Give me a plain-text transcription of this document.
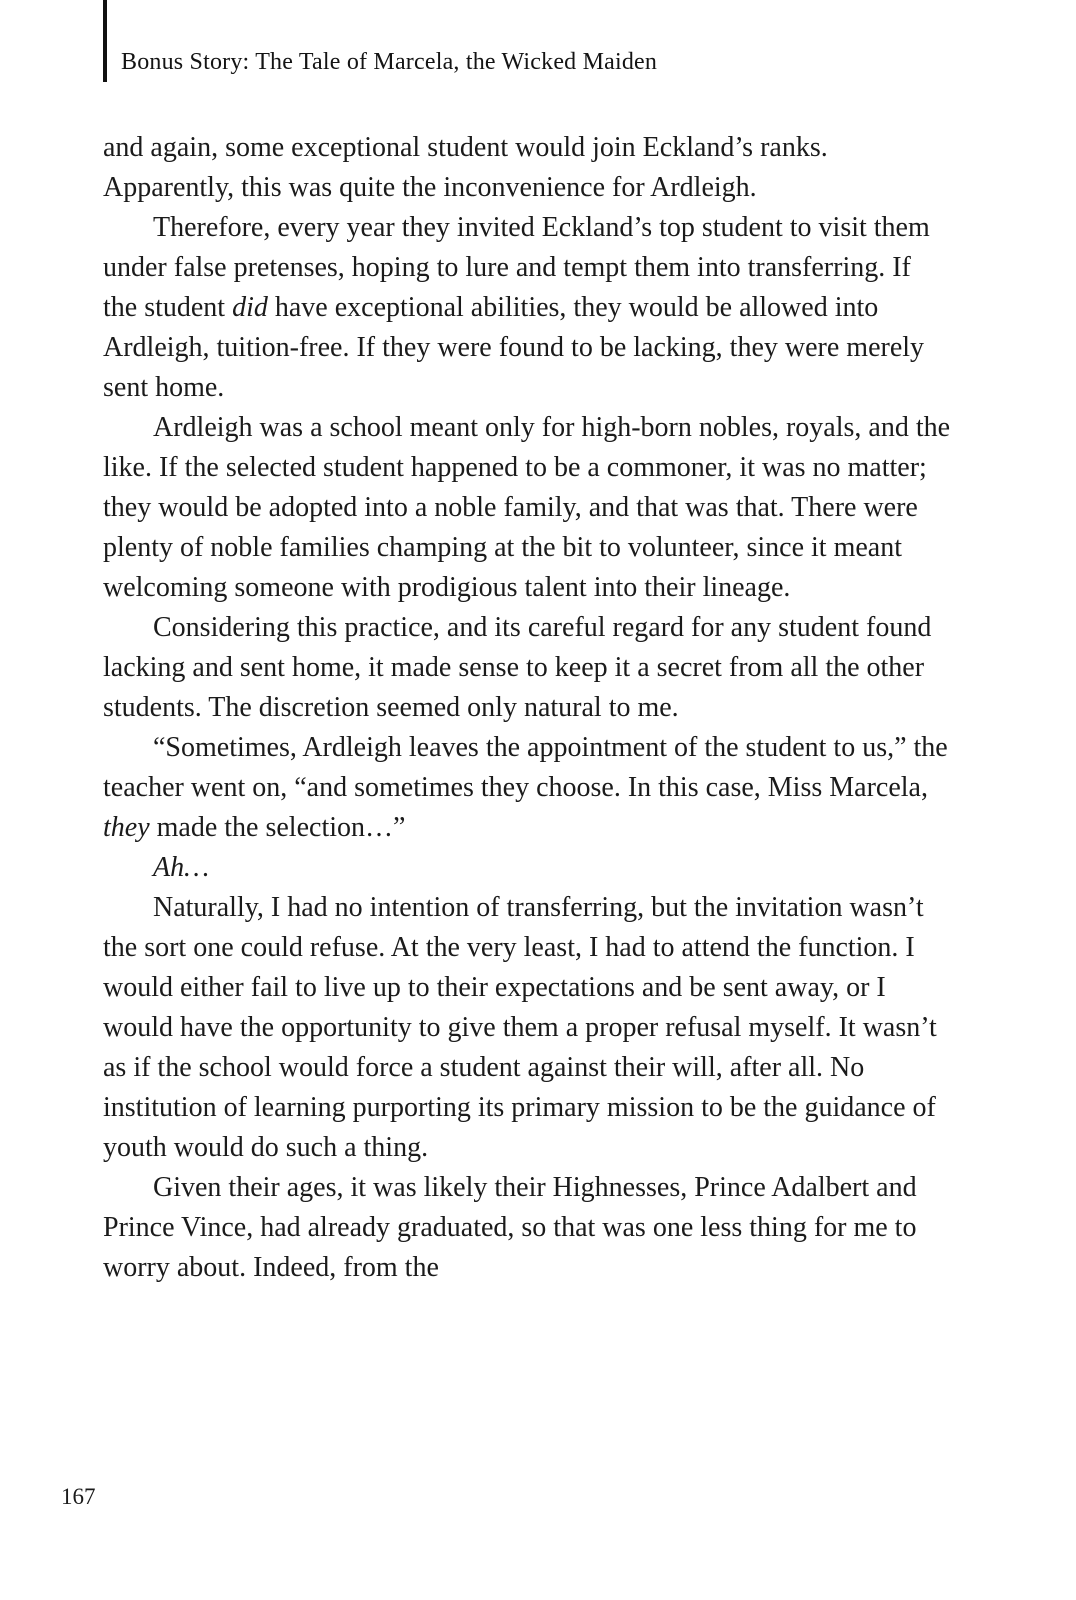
Bonus Story: The Tale of Marcela, the Wicked Maiden

and again, some exceptional student would join Eckland’s ranks. Apparently, this was quite the inconvenience for Ardleigh.

Therefore, every year they invited Eckland’s top student to visit them under false pretenses, hoping to lure and tempt them into transferring. If the student did have exceptional abilities, they would be allowed into Ardleigh, tuition-free. If they were found to be lacking, they were merely sent home.

Ardleigh was a school meant only for high-born nobles, royals, and the like. If the selected student happened to be a commoner, it was no matter; they would be adopted into a noble family, and that was that. There were plenty of noble families champing at the bit to volunteer, since it meant welcoming someone with prodigious talent into their lineage.

Considering this practice, and its careful regard for any student found lacking and sent home, it made sense to keep it a secret from all the other students. The discretion seemed only natural to me.

“Sometimes, Ardleigh leaves the appointment of the student to us,” the teacher went on, “and sometimes they choose. In this case, Miss Marcela, they made the selection…”

Ah…

Naturally, I had no intention of transferring, but the invitation wasn’t the sort one could refuse. At the very least, I had to attend the function. I would either fail to live up to their expectations and be sent away, or I would have the opportunity to give them a proper refusal myself. It wasn’t as if the school would force a student against their will, after all. No institution of learning purporting its primary mission to be the guidance of youth would do such a thing.

Given their ages, it was likely their Highnesses, Prince Adalbert and Prince Vince, had already graduated, so that was one less thing for me to worry about. Indeed, from the

167
